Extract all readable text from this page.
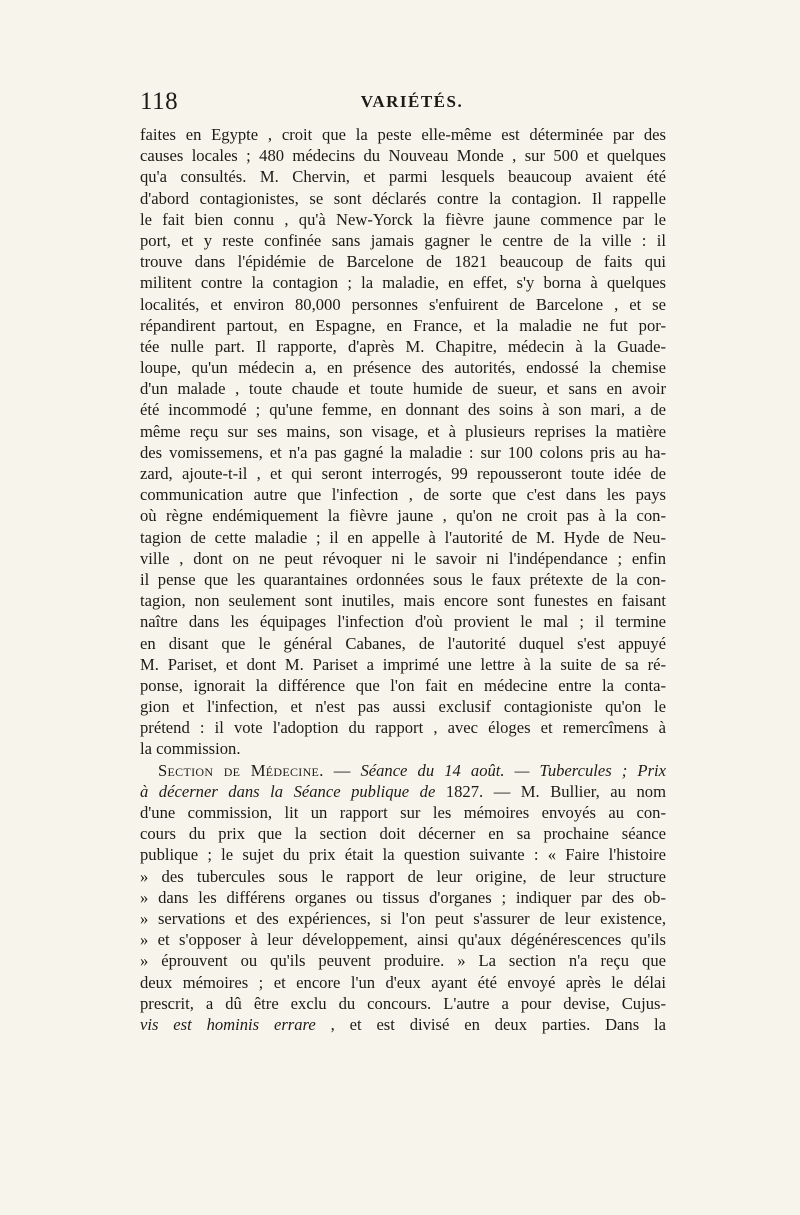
118	VARIÉTÉS.
faites en Egypte , croit que la peste elle-même est déterminée par des
causes locales ; 480 médecins du Nouveau Monde , sur 500 et quelques
qu'a consultés. M. Chervin, et parmi lesquels beaucoup avaient été
d'abord contagionistes, se sont déclarés contre la contagion. Il rappelle
le fait bien connu , qu'à New-Yorck la fièvre jaune commence par le
port, et y reste confinée sans jamais gagner le centre de la ville : il
trouve dans l'épidémie de Barcelone de 1821 beaucoup de faits qui
militent contre la contagion ; la maladie, en effet, s'y borna à quelques
localités, et environ 80,000 personnes s'enfuirent de Barcelone , et se
répandirent partout, en Espagne, en France, et la maladie ne fut por-
tée nulle part. Il rapporte, d'après M. Chapitre, médecin à la Guade-
loupe, qu'un médecin a, en présence des autorités, endossé la chemise
d'un malade , toute chaude et toute humide de sueur, et sans en avoir
été incommodé ; qu'une femme, en donnant des soins à son mari, a de
même reçu sur ses mains, son visage, et à plusieurs reprises la matière
des vomissemens, et n'a pas gagné la maladie : sur 100 colons pris au ha-
zard, ajoute-t-il , et qui seront interrogés, 99 repousseront toute idée de
communication autre que l'infection , de sorte que c'est dans les pays
où règne endémiquement la fièvre jaune , qu'on ne croit pas à la con-
tagion de cette maladie ; il en appelle à l'autorité de M. Hyde de Neu-
ville , dont on ne peut révoquer ni le savoir ni l'indépendance ; enfin
il pense que les quarantaines ordonnées sous le faux prétexte de la con-
tagion, non seulement sont inutiles, mais encore sont funestes en faisant
naître dans les équipages l'infection d'où provient le mal ; il termine
en disant que le général Cabanes, de l'autorité duquel s'est appuyé
M. Pariset, et dont M. Pariset a imprimé une lettre à la suite de sa ré-
ponse, ignorait la différence que l'on fait en médecine entre la conta-
gion et l'infection, et n'est pas aussi exclusif contagioniste qu'on le
prétend : il vote l'adoption du rapport , avec éloges et remercîmens à
la commission.
Section de Médecine. — Séance du 14 août. — Tubercules ; Prix
à décerner dans la Séance publique de 1827. — M. Bullier, au nom
d'une commission, lit un rapport sur les mémoires envoyés au con-
cours du prix que la section doit décerner en sa prochaine séance
publique ; le sujet du prix était la question suivante : « Faire l'histoire
» des tubercules sous le rapport de leur origine, de leur structure
» dans les différens organes ou tissus d'organes ; indiquer par des ob-
» servations et des expériences, si l'on peut s'assurer de leur existence,
» et s'opposer à leur développement, ainsi qu'aux dégénérescences qu'ils
» éprouvent ou qu'ils peuvent produire. » La section n'a reçu que
deux mémoires ; et encore l'un d'eux ayant été envoyé après le délai
prescrit, a dû être exclu du concours. L'autre a pour devise, Cujus-
vis est hominis errare , et est divisé en deux parties. Dans la
